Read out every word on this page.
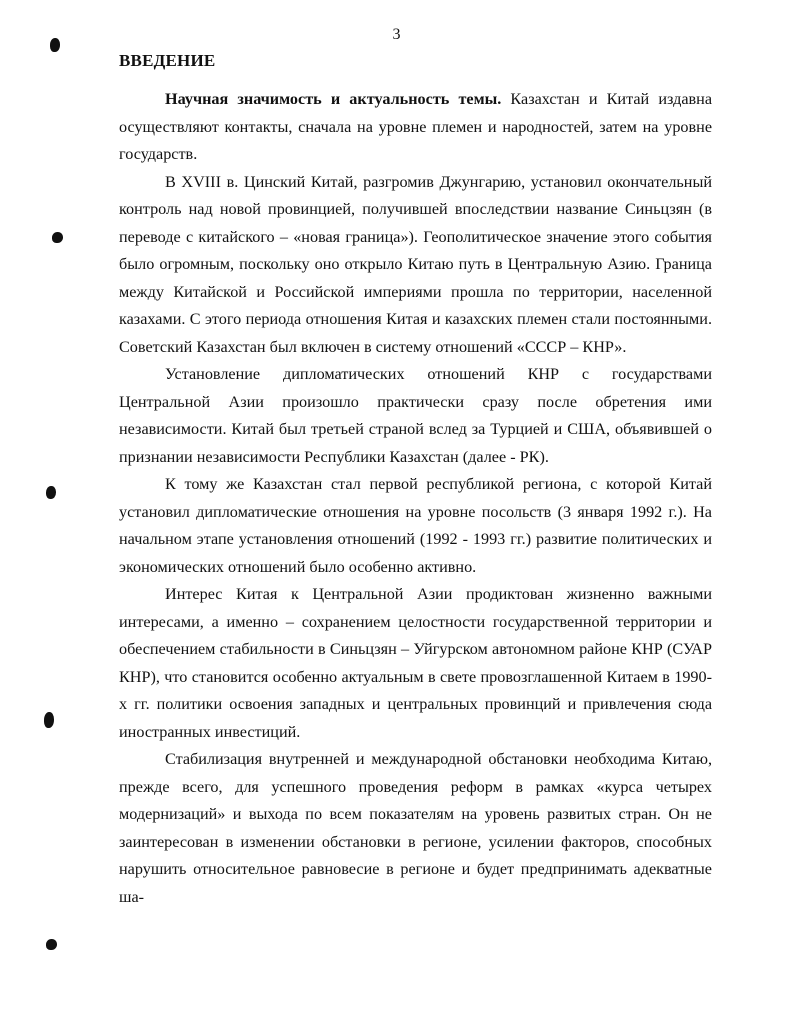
3
ВВЕДЕНИЕ

Научная значимость и актуальность темы. Казахстан и Китай издавна осуществляют контакты, сначала на уровне племен и народностей, затем на уровне государств.

В XVIII в. Цинский Китай, разгромив Джунгарию, установил окончательный контроль над новой провинцией, получившей впоследствии название Синьцзян (в переводе с китайского – «новая граница»). Геополитическое значение этого события было огромным, поскольку оно открыло Китаю путь в Центральную Азию. Граница между Китайской и Российской империями прошла по территории, населенной казахами. С этого периода отношения Китая и казахских племен стали постоянными. Советский Казахстан был включен в систему отношений «СССР – КНР».

Установление дипломатических отношений КНР с государствами Центральной Азии произошло практически сразу после обретения ими независимости. Китай был третьей страной вслед за Турцией и США, объявившей о признании независимости Республики Казахстан (далее - РК).

К тому же Казахстан стал первой республикой региона, с которой Китай установил дипломатические отношения на уровне посольств (3 января 1992 г.). На начальном этапе установления отношений (1992 - 1993 гг.) развитие политических и экономических отношений было особенно активно.

Интерес Китая к Центральной Азии продиктован жизненно важными интересами, а именно – сохранением целостности государственной территории и обеспечением стабильности в Синьцзян – Уйгурском автономном районе КНР (СУАР КНР), что становится особенно актуальным в свете провозглашенной Китаем в 1990-х гг. политики освоения западных и центральных провинций и привлечения сюда иностранных инвестиций.

Стабилизация внутренней и международной обстановки необходима Китаю, прежде всего, для успешного проведения реформ в рамках «курса четырех модернизаций» и выхода по всем показателям на уровень развитых стран. Он не заинтересован в изменении обстановки в регионе, усилении факторов, способных нарушить относительное равновесие в регионе и будет предпринимать адекватные ша-
